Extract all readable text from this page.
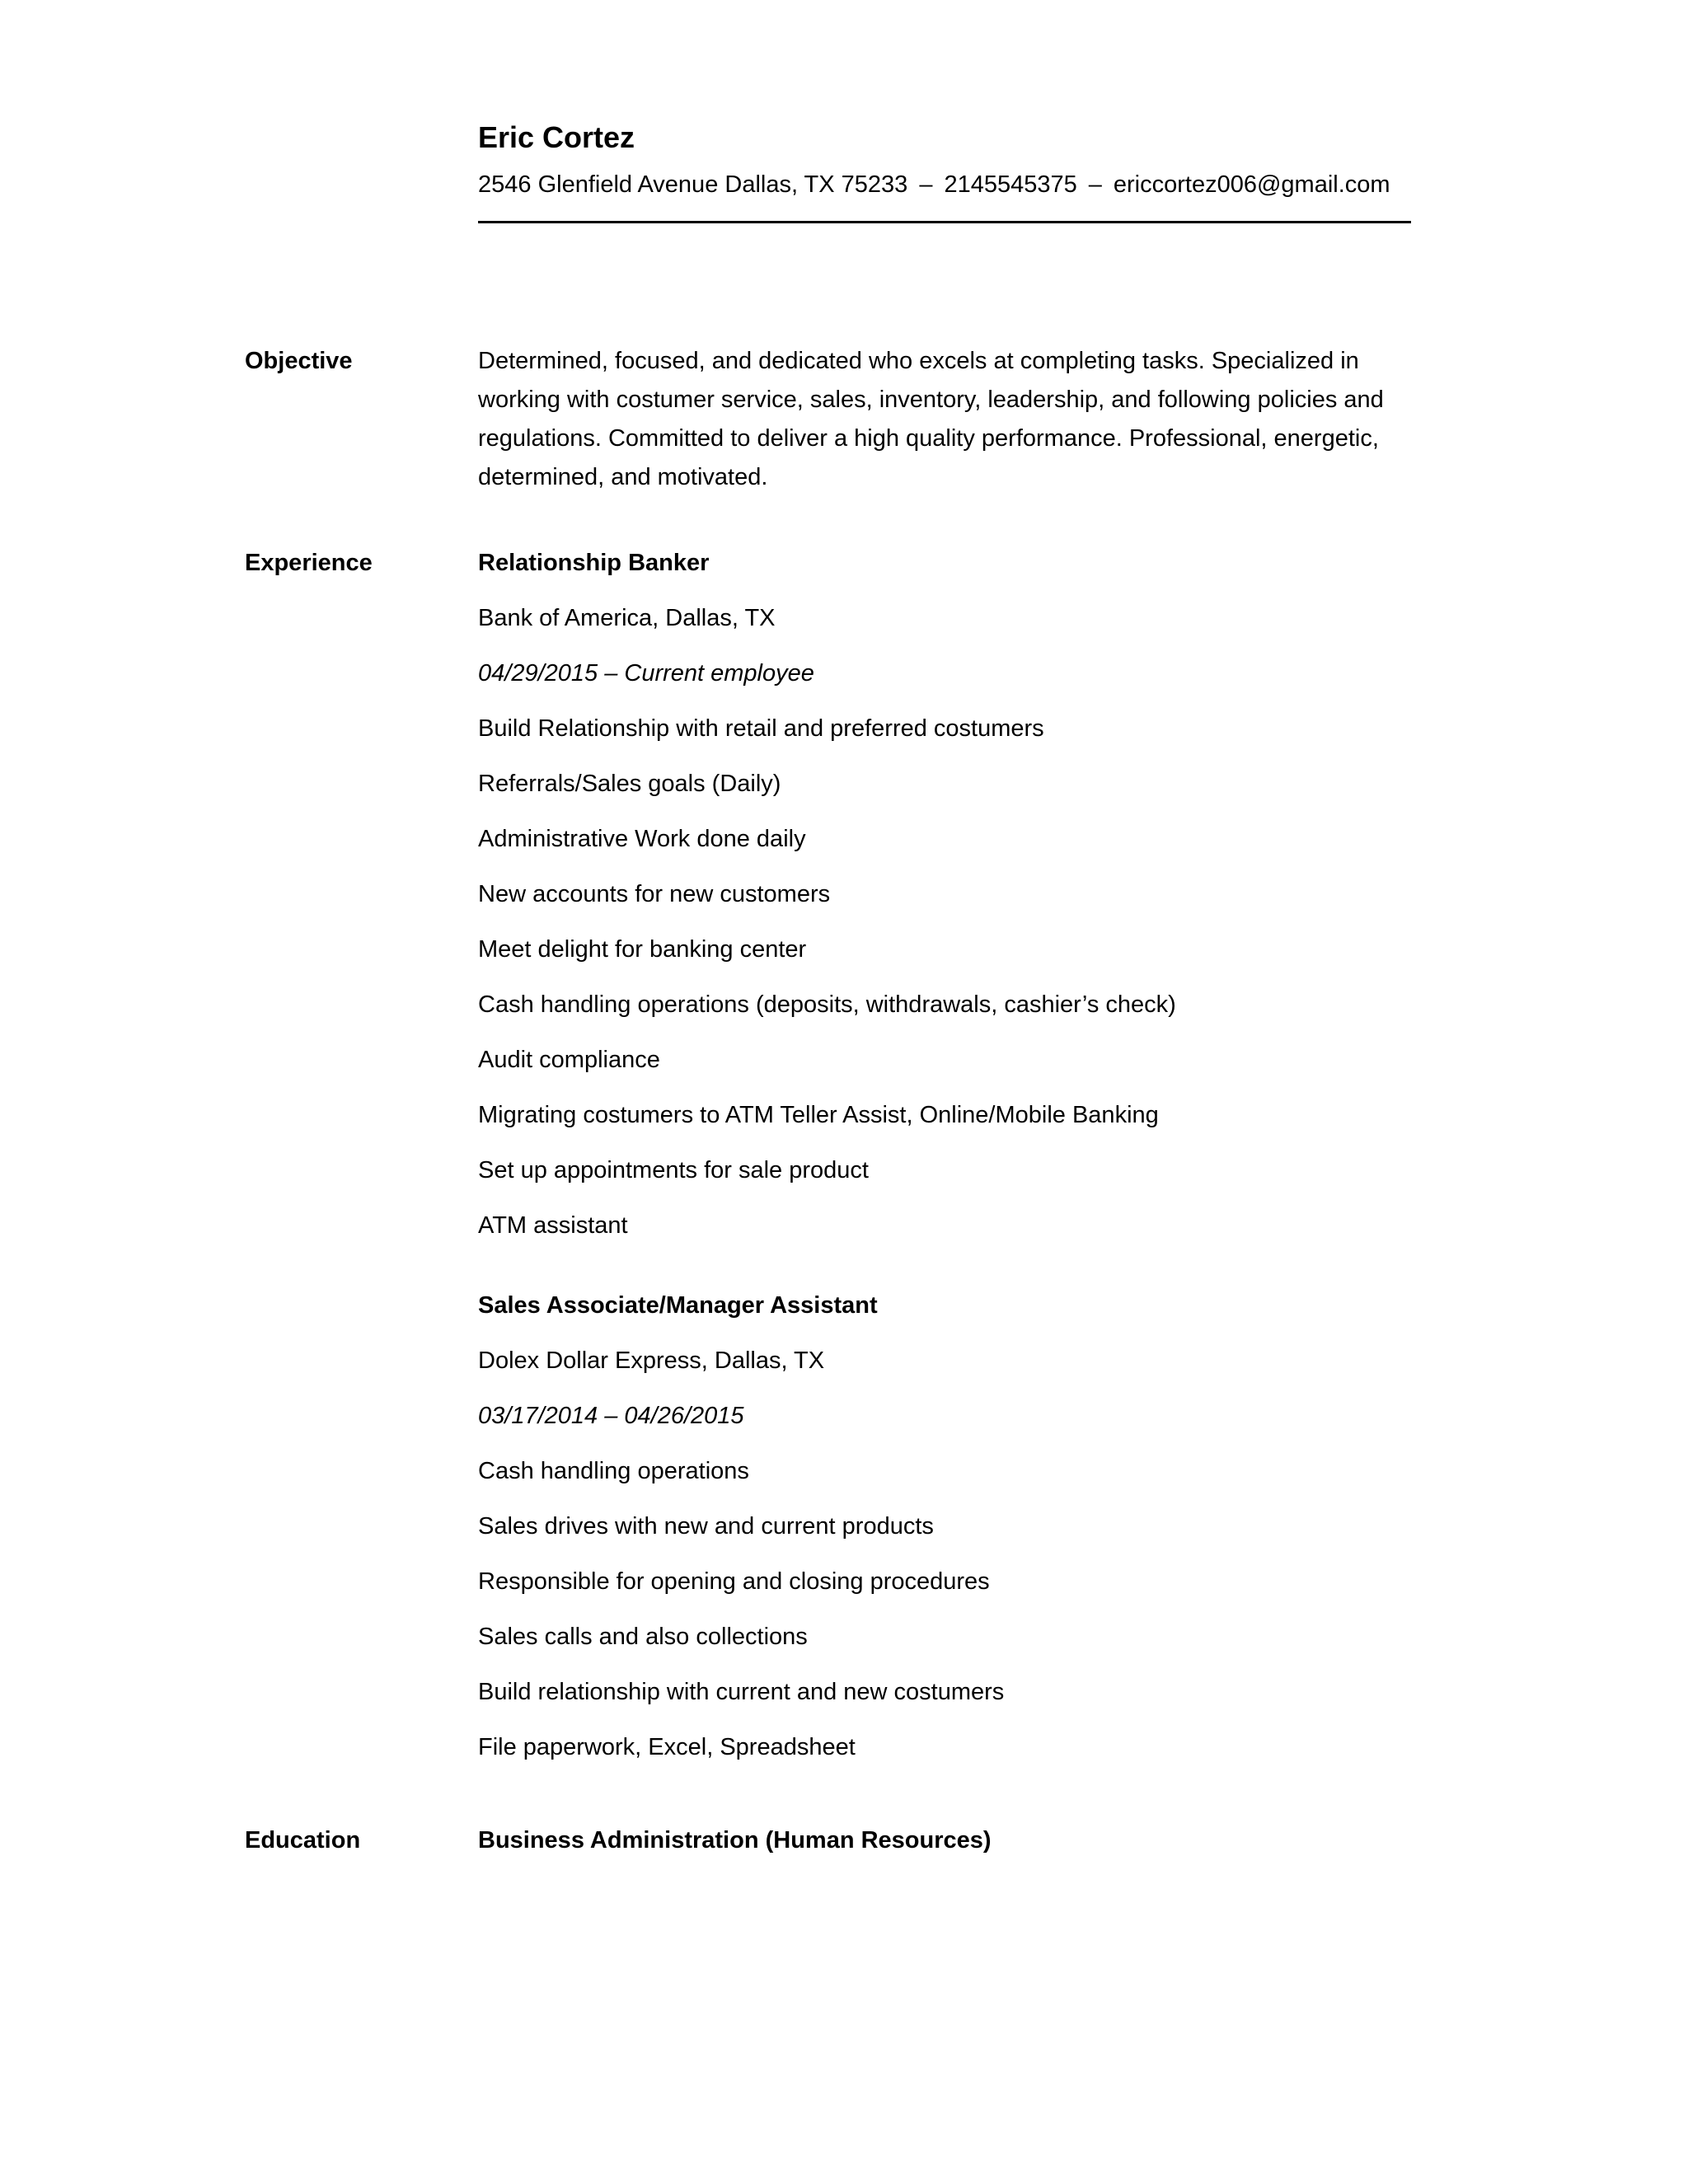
Eric Cortez
2546 Glenfield Avenue Dallas, TX 75233 – 2145545375 – ericcortez006@gmail.com
Objective	Determined, focused, and dedicated who excels at completing tasks. Specialized in working with costumer service, sales, inventory, leadership, and following policies and regulations. Committed to deliver a high quality performance. Professional, energetic, determined, and motivated.

Experience	Relationship Banker
Bank of America, Dallas, TX
04/29/2015 – Current employee
Build Relationship with retail and preferred costumers
Referrals/Sales goals (Daily)
Administrative Work done daily
New accounts for new customers
Meet delight for banking center
Cash handling operations (deposits, withdrawals, cashier’s check)
Audit compliance
Migrating costumers to ATM Teller Assist, Online/Mobile Banking
Set up appointments for sale product
ATM assistant
Sales Associate/Manager Assistant
Dolex Dollar Express, Dallas, TX
03/17/2014 – 04/26/2015
Cash handling operations
Sales drives with new and current products
Responsible for opening and closing procedures
Sales calls and also collections
Build relationship with current and new costumers
File paperwork, Excel, Spreadsheet
Education	Business Administration (Human Resources)
